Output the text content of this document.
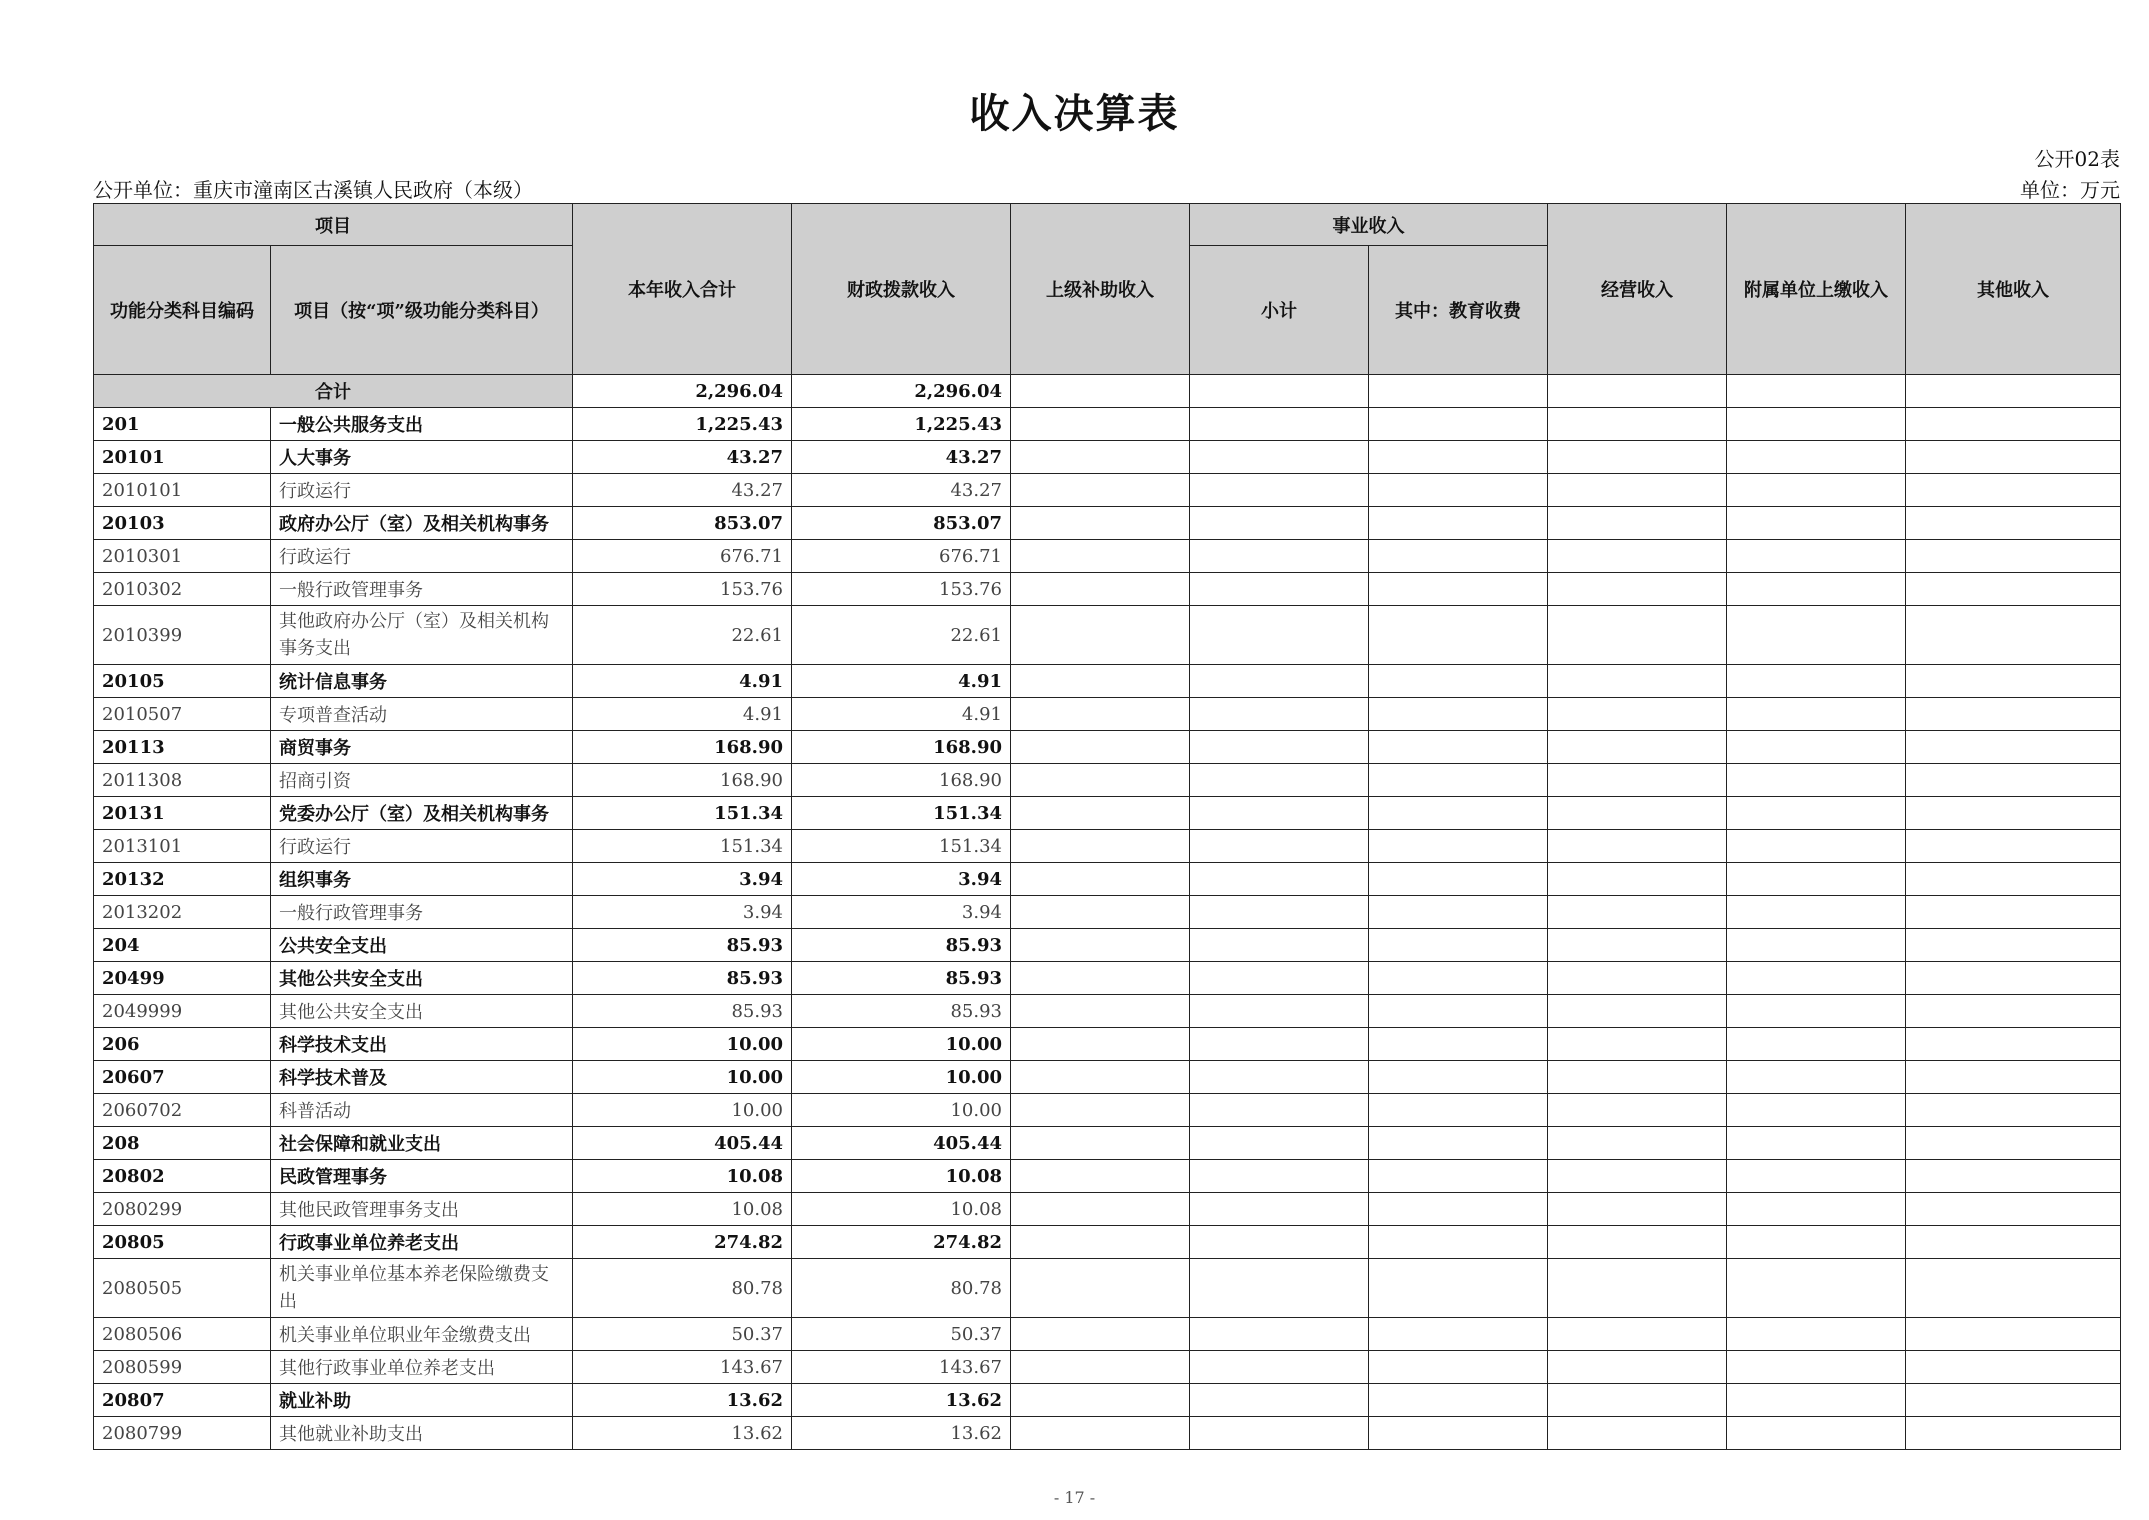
收入决算表
公开02表
公开单位：重庆市潼南区古溪镇人民政府（本级）	单位：万元
项目		本年收入合计	财政拨款收入	上级补助收入	事业收入		经营收入	附属单位上缴收入	其他收入
功能分类科目编码	项目（按“项”级功能分类科目）				小计	其中：教育收费			
合计		2,296.04	2,296.04						
201	一般公共服务支出	1,225.43	1,225.43						
20101	人大事务	43.27	43.27						
2010101	行政运行	43.27	43.27						
20103	政府办公厅（室）及相关机构事务	853.07	853.07						
2010301	行政运行	676.71	676.71						
2010302	一般行政管理事务	153.76	153.76						
2010399	其他政府办公厅（室）及相关机构事务支出	22.61	22.61						
20105	统计信息事务	4.91	4.91						
2010507	专项普查活动	4.91	4.91						
20113	商贸事务	168.90	168.90						
2011308	招商引资	168.90	168.90						
20131	党委办公厅（室）及相关机构事务	151.34	151.34						
2013101	行政运行	151.34	151.34						
20132	组织事务	3.94	3.94						
2013202	一般行政管理事务	3.94	3.94						
204	公共安全支出	85.93	85.93						
20499	其他公共安全支出	85.93	85.93						
2049999	其他公共安全支出	85.93	85.93						
206	科学技术支出	10.00	10.00						
20607	科学技术普及	10.00	10.00						
2060702	科普活动	10.00	10.00						
208	社会保障和就业支出	405.44	405.44						
20802	民政管理事务	10.08	10.08						
2080299	其他民政管理事务支出	10.08	10.08						
20805	行政事业单位养老支出	274.82	274.82						
2080505	机关事业单位基本养老保险缴费支出	80.78	80.78						
2080506	机关事业单位职业年金缴费支出	50.37	50.37						
2080599	其他行政事业单位养老支出	143.67	143.67						
20807	就业补助	13.62	13.62						
2080799	其他就业补助支出	13.62	13.62						
- 17 -
